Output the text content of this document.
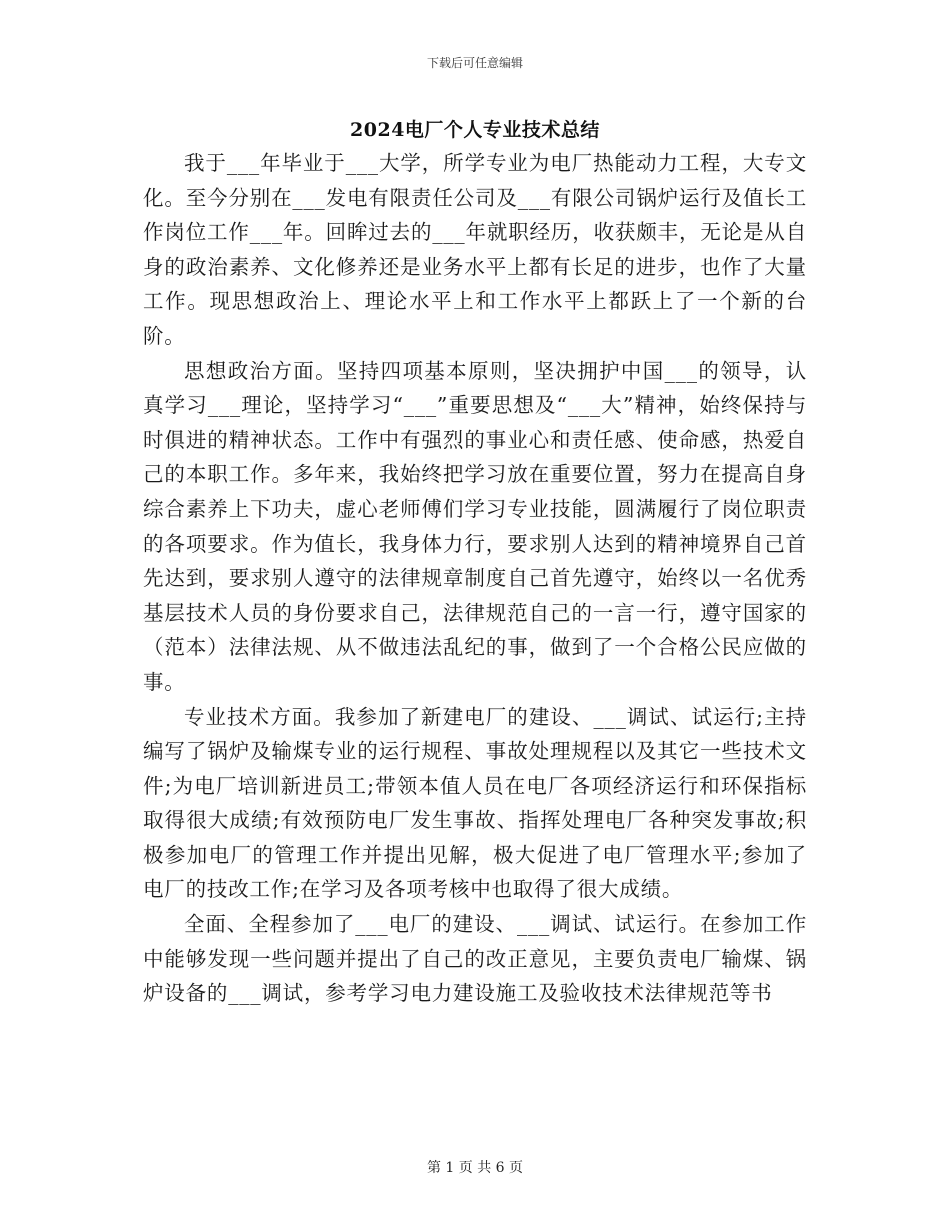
下载后可任意编辑
2024电厂个人专业技术总结

我于___年毕业于___大学，所学专业为电厂热能动力工程，大专文化。至今分别在___发电有限责任公司及___有限公司锅炉运行及值长工作岗位工作___年。回眸过去的___年就职经历，收获颇丰，无论是从自身的政治素养、文化修养还是业务水平上都有长足的进步，也作了大量工作。现思想政治上、理论水平上和工作水平上都跃上了一个新的台阶。

思想政治方面。坚持四项基本原则，坚决拥护中国___的领导，认真学习___理论，坚持学习“___”重要思想及“___大”精神，始终保持与时俱进的精神状态。工作中有强烈的事业心和责任感、使命感，热爱自己的本职工作。多年来，我始终把学习放在重要位置，努力在提高自身综合素养上下功夫，虚心老师傅们学习专业技能，圆满履行了岗位职责的各项要求。作为值长，我身体力行，要求别人达到的精神境界自己首先达到，要求别人遵守的法律规章制度自己首先遵守，始终以一名优秀基层技术人员的身份要求自己，法律规范自己的一言一行，遵守国家的（范本）法律法规、从不做违法乱纪的事，做到了一个合格公民应做的事。

专业技术方面。我参加了新建电厂的建设、___调试、试运行;主持编写了锅炉及输煤专业的运行规程、事故处理规程以及其它一些技术文件;为电厂培训新进员工;带领本值人员在电厂各项经济运行和环保指标取得很大成绩;有效预防电厂发生事故、指挥处理电厂各种突发事故;积极参加电厂的管理工作并提出见解，极大促进了电厂管理水平;参加了电厂的技改工作;在学习及各项考核中也取得了很大成绩。

全面、全程参加了___电厂的建设、___调试、试运行。在参加工作中能够发现一些问题并提出了自己的改正意见，主要负责电厂输煤、锅炉设备的___调试，参考学习电力建设施工及验收技术法律规范等书

第 1 页 共 6 页
